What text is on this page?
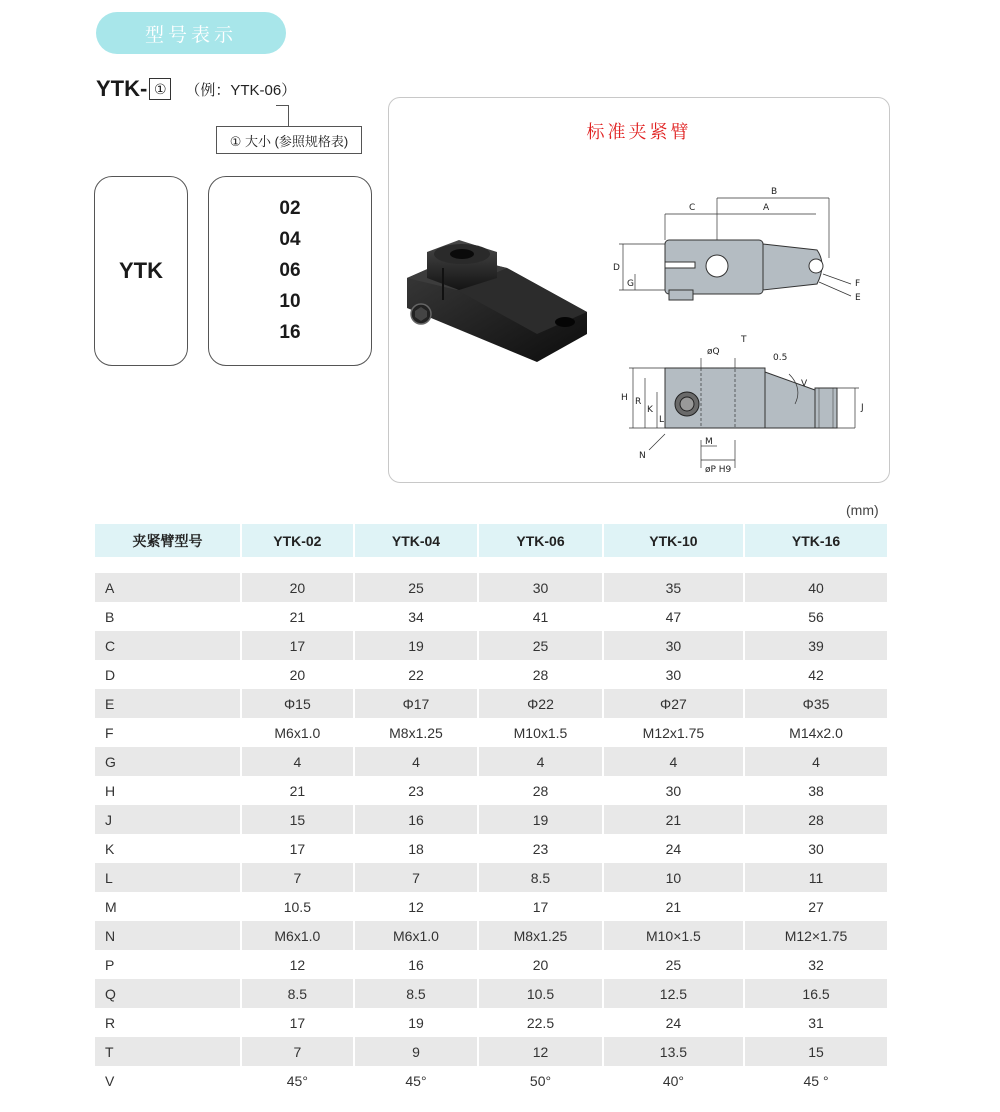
型号表示
YTK- ①	（例：YTK-06）
① 大小 (参照规格表)
YTK
02
04
06
10
16
标准夹紧臂
B
A
C
D
G	F
E
øQ
T
0.5
V
H R
K
L
J
N
M
øP H9
(mm)
夹紧臂型号	YTK-02	YTK-04	YTK-06	YTK-10	YTK-16

A	20	25	30	35	40
B	21	34	41	47	56
C	17	19	25	30	39
D	20	22	28	30	42
E	Φ15	Φ17	Φ22	Φ27	Φ35
F	M6x1.0	M8x1.25	M10x1.5	M12x1.75	M14x2.0
G	4	4	4	4	4
H	21	23	28	30	38
J	15	16	19	21	28
K	17	18	23	24	30
L	7	7	8.5	10	11
M	10.5	12	17	21	27
N	M6x1.0	M6x1.0	M8x1.25	M10×1.5	M12×1.75
P	12	16	20	25	32
Q	8.5	8.5	10.5	12.5	16.5
R	17	19	22.5	24	31
T	7	9	12	13.5	15
V	45°	45°	50°	40°	45 °
